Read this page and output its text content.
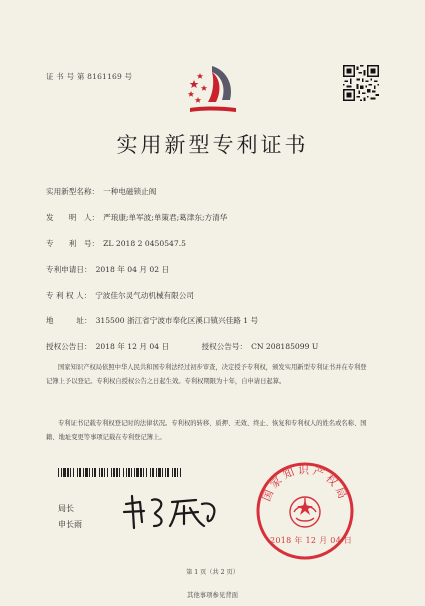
证 书 号 第 8161169 号
实用新型专利证书
实用新型名称： 一种电磁锁止阀
发　　明　人： 严琅康;单军波;单策君;葛津东;方清华
专　　利　号： ZL 2018 2 0450547.5
专利申请日： 2018 年 04 月 02 日
专 利 权 人： 宁波佳尔灵气动机械有限公司
地　　　址： 315500 浙江省宁波市奉化区溪口镇兴佳路 1 号
授权公告日： 2018 年 12 月 04 日	授权公告号： CN 208185099 U
国家知识产权局依照中华人民共和国专利法经过初步审查，决定授予专利权，颁发实用新型专利证书并在专利登记簿上予以登记。专利权自授权公告之日起生效。专利权期限为十年，自申请日起算。
专利证书记载专利权登记时的法律状况。专利权的转移、质押、无效、终止、恢复和专利权人的姓名或名称、国籍、地址变更等事项记载在专利登记簿上。
局长
申长雨
国家知识产权局
2018 年 12 月 04 日
第 1 页（共 2 页）
其他事项参见背面
